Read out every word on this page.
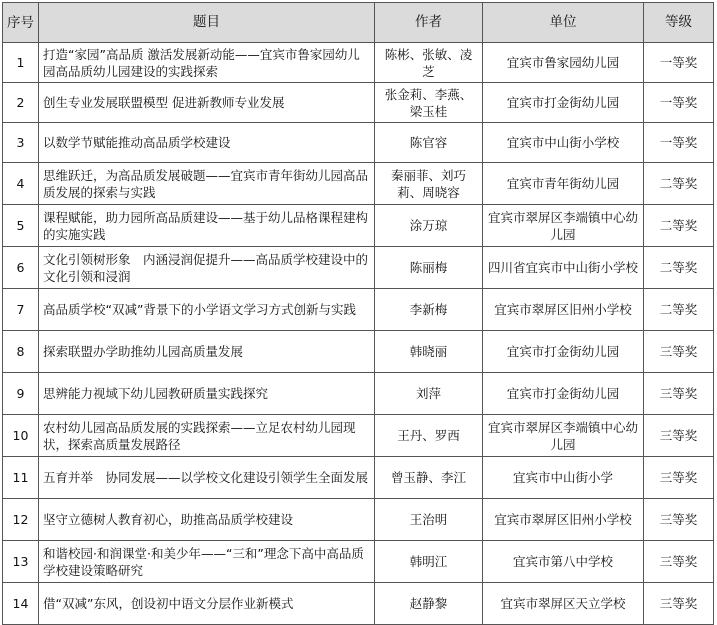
序号	题目	作者	单位	等级
1	打造“家园”高品质 激活发展新动能——宜宾市鲁家园幼儿园高品质幼儿园建设的实践探索	陈彬、张敏、凌芝	宜宾市鲁家园幼儿园	一等奖
2	创生专业发展联盟模型 促进新教师专业发展	张金莉、李燕、梁玉桂	宜宾市打金街幼儿园	一等奖
3	以数学节赋能推动高品质学校建设	陈官容	宜宾市中山街小学校	一等奖
4	思维跃迁，为高品质发展破题——宜宾市青年街幼儿园高品质发展的探索与实践	秦丽菲、刘巧莉、周晓容	宜宾市青年街幼儿园	二等奖
5	课程赋能，助力园所高品质建设——基于幼儿品格课程建构的实施实践	涂万琼	宜宾市翠屏区李端镇中心幼儿园	二等奖
6	文化引领树形象　内涵浸润促提升——高品质学校建设中的文化引领和浸润	陈丽梅	四川省宜宾市中山街小学校	二等奖
7	高品质学校“双减”背景下的小学语文学习方式创新与实践	李新梅	宜宾市翠屏区旧州小学校	二等奖
8	探索联盟办学助推幼儿园高质量发展	韩晓丽	宜宾市打金街幼儿园	三等奖
9	思辨能力视域下幼儿园教研质量实践探究	刘萍	宜宾市打金街幼儿园	三等奖
10	农村幼儿园高品质发展的实践探索——立足农村幼儿园现状，探索高质量发展路径	王丹、罗西	宜宾市翠屏区李端镇中心幼儿园	三等奖
11	五育并举　协同发展——以学校文化建设引领学生全面发展	曾玉静、李江	宜宾市中山街小学	三等奖
12	坚守立德树人教育初心，助推高品质学校建设	王治明	宜宾市翠屏区旧州小学校	三等奖
13	和谐校园·和润课堂·和美少年——“三和”理念下高中高品质学校建设策略研究	韩明江	宜宾市第八中学校	三等奖
14	借“双减”东风，创设初中语文分层作业新模式	赵静黎	宜宾市翠屏区天立学校	三等奖
